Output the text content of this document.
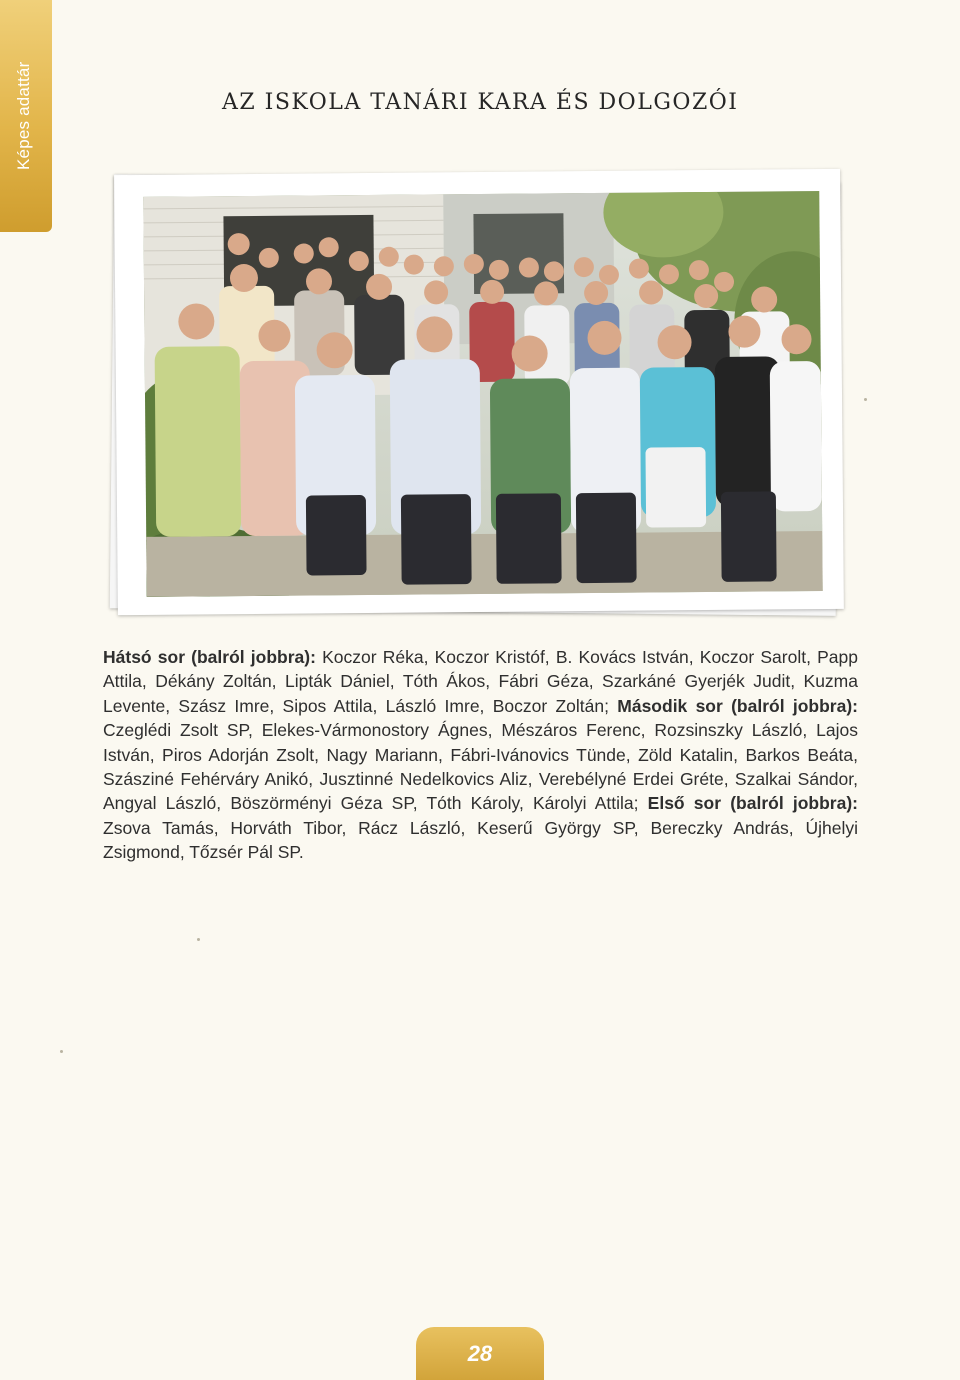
Képes adattár	AZ ISKOLA TANÁRI KARA ÉS DOLGOZÓI

Hátsó sor (balról jobbra): Koczor Réka, Koczor Kristóf, B. Kovács István, Koczor Sarolt, Papp Attila, Dékány Zoltán, Lipták Dániel, Tóth Ákos, Fábri Géza, Szarkáné Gyerjék Judit, Kuzma Levente, Szász Imre, Sipos Attila, László Imre, Boczor Zoltán; Második sor (balról jobbra): Czeglédi Zsolt SP, Elekes-Vármonostory Ágnes, Mészáros Ferenc, Rozsinszky László, Lajos István, Piros Adorján Zsolt, Nagy Mariann, Fábri-Ivánovics Tünde, Zöld Katalin, Barkos Beáta, Szásziné Fehérváry Anikó, Jusztinné Nedelkovics Aliz, Verebélyné Erdei Gréte, Szalkai Sándor, Angyal László, Böszörményi Géza SP, Tóth Károly, Károlyi Attila; Első sor (balról jobbra): Zsova Tamás, Horváth Tibor, Rácz László, Keserű György SP, Bereczky András, Újhelyi Zsigmond, Tőzsér Pál SP.

28
